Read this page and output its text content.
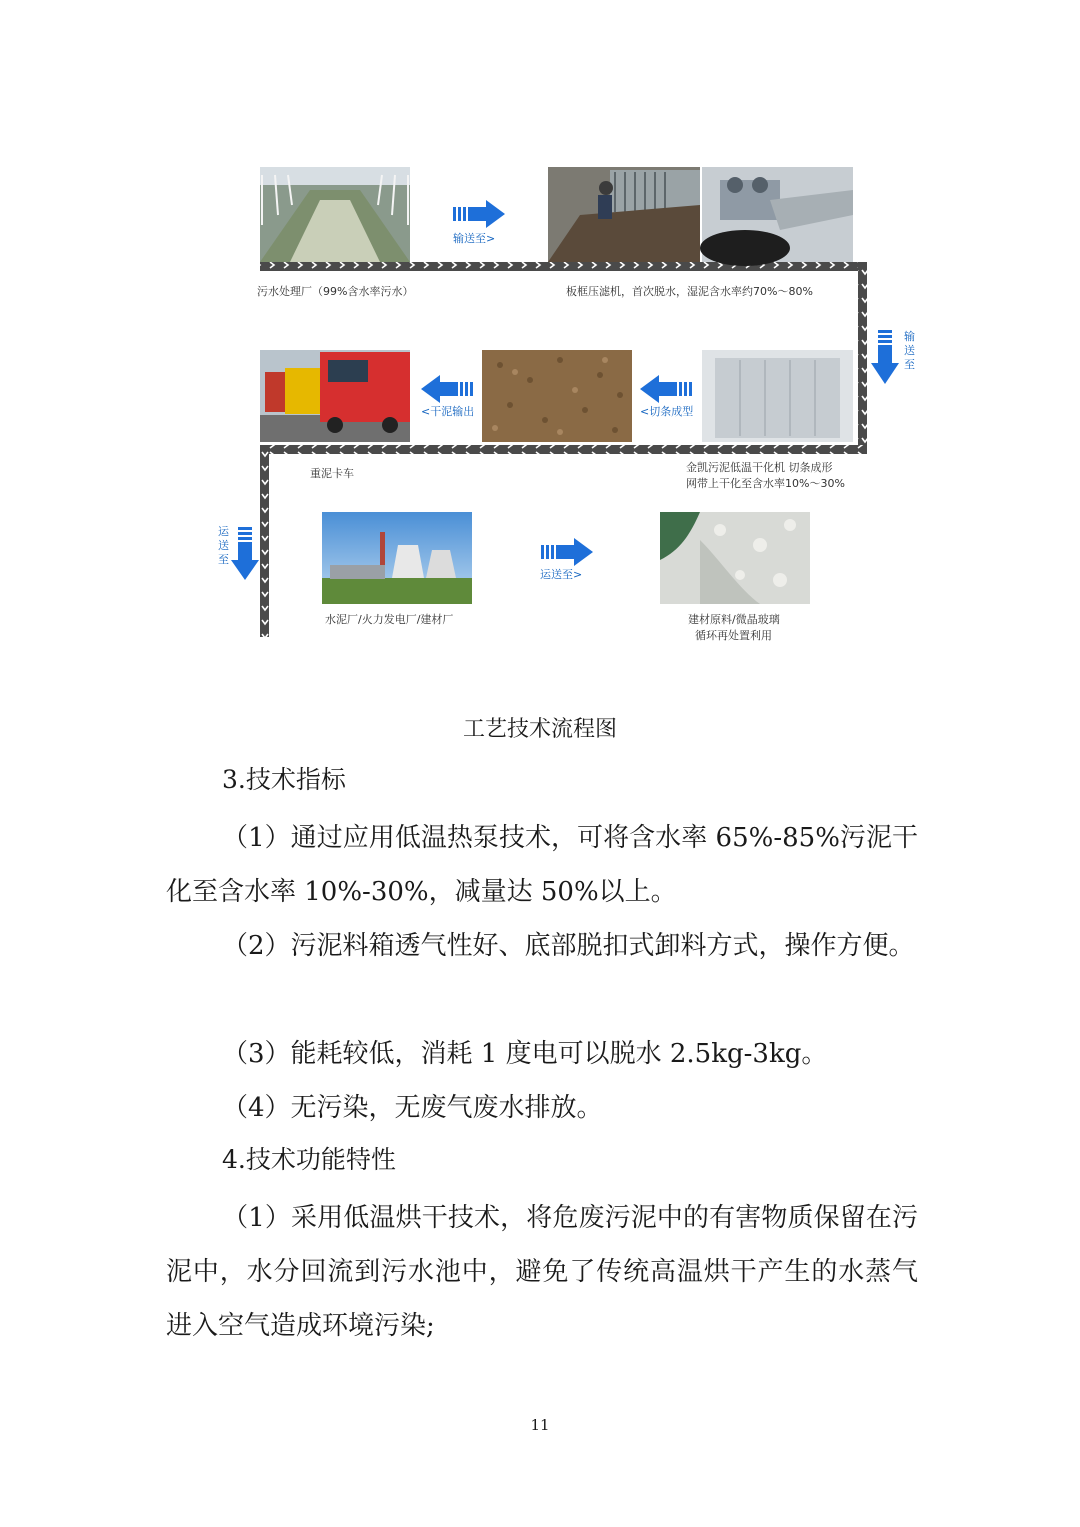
输送至>
输送至
<干泥输出	<切条成型
运送至
运送至>
污水处理厂（99%含水率污水）	板框压滤机，首次脱水，湿泥含水率约70%～80%
重泥卡车	金凯污泥低温干化机 切条成形
网带上干化至含水率10%～30%
水泥厂/火力发电厂/建材厂	建材原料/微晶玻璃
循环再处置利用
工艺技术流程图
3.技术指标
（1）通过应用低温热泵技术，可将含水率 65%-85%污泥干化至含水率 10%-30%，减量达 50%以上。
（2）污泥料箱透气性好、底部脱扣式卸料方式，操作方便。
（3）能耗较低，消耗 1 度电可以脱水 2.5kg-3kg。
（4）无污染，无废气废水排放。
4.技术功能特性
（1）采用低温烘干技术，将危废污泥中的有害物质保留在污泥中，水分回流到污水池中，避免了传统高温烘干产生的水蒸气进入空气造成环境污染;
11
